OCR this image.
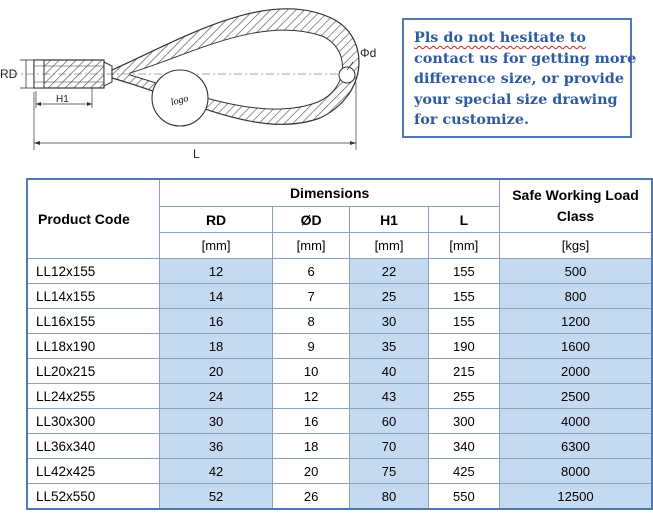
RD
H1
Φd
logo
L
Pls do not hesitate to
contact us for getting more
difference size, or provide
your special size drawing
for customize.
Product Code	Dimensions				Safe Working Load
Class
	RD	ØD	H1	L	
	[mm]	[mm]	[mm]	[mm]	[kgs]
LL12x155	12	6	22	155	500
LL14x155	14	7	25	155	800
LL16x155	16	8	30	155	1200
LL18x190	18	9	35	190	1600
LL20x215	20	10	40	215	2000
LL24x255	24	12	43	255	2500
LL30x300	30	16	60	300	4000
LL36x340	36	18	70	340	6300
LL42x425	42	20	75	425	8000
LL52x550	52	26	80	550	12500
